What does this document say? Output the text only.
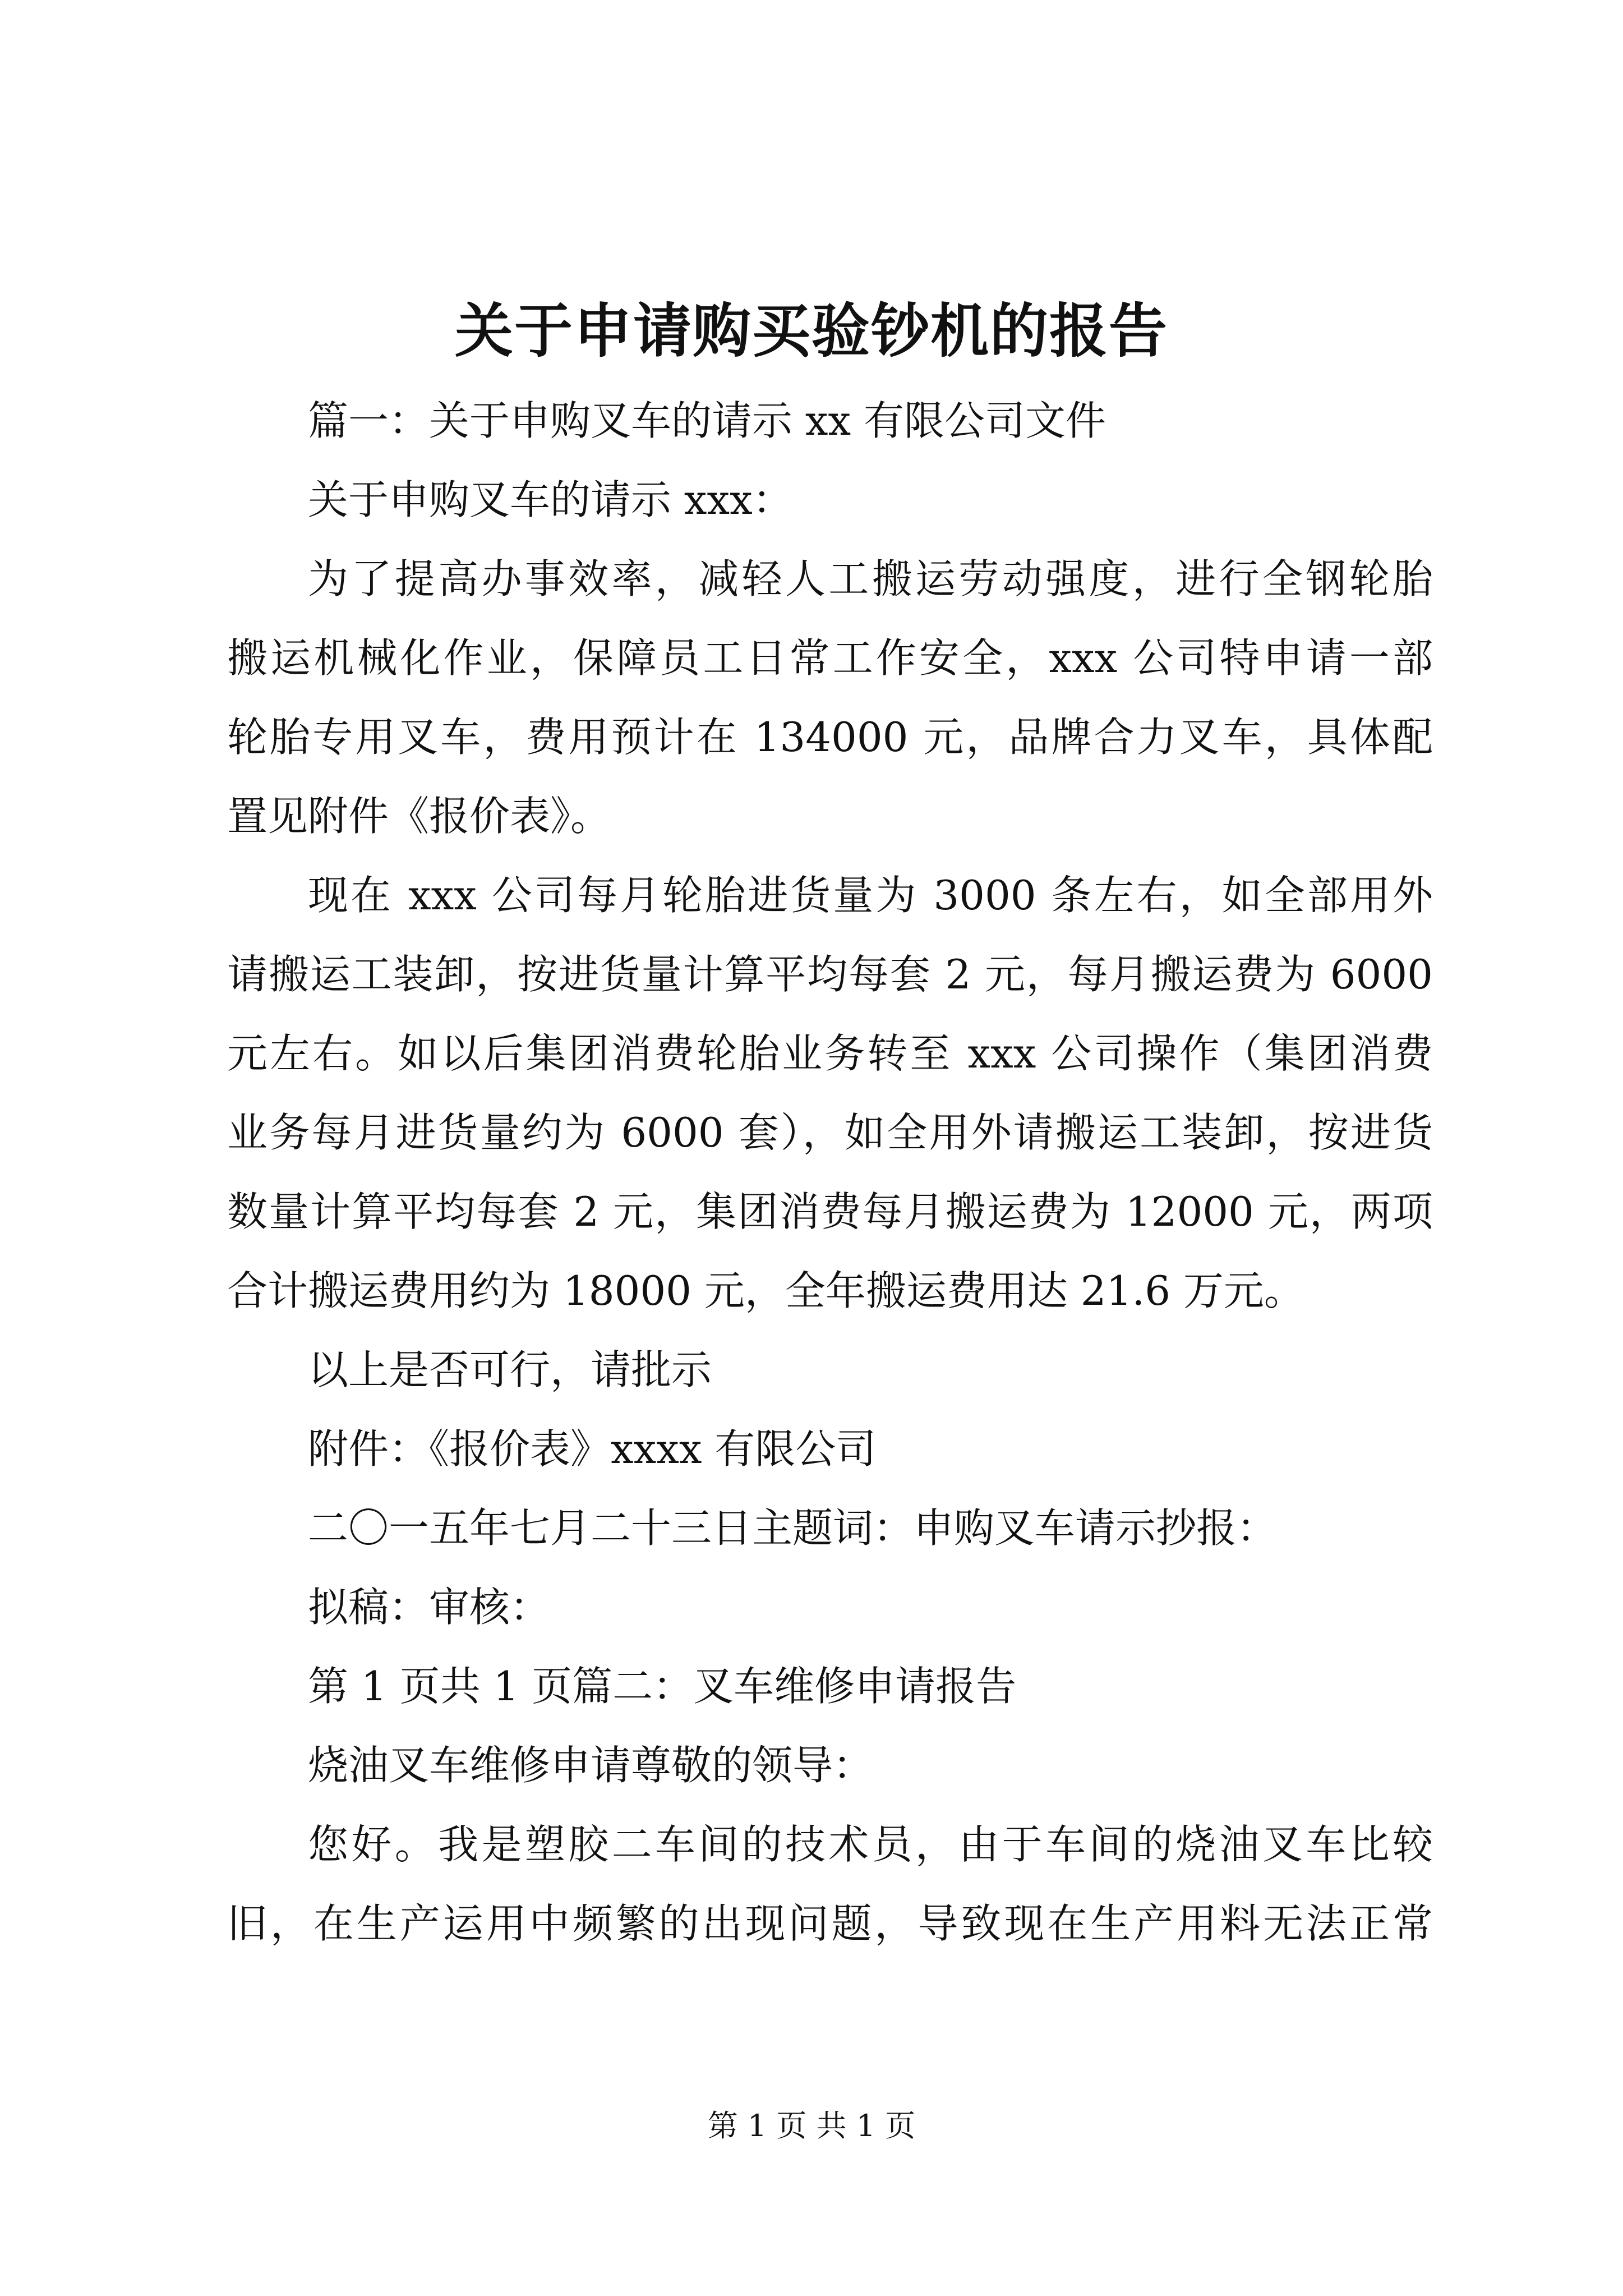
关于申请购买验钞机的报告
篇一：关于申购叉车的请示 xx 有限公司文件
关于申购叉车的请示 xxx：
为了提高办事效率，减轻人工搬运劳动强度，进行全钢轮胎
搬运机械化作业，保障员工日常工作安全，xxx 公司特申请一部
轮胎专用叉车，费用预计在 134000 元，品牌合力叉车，具体配
置见附件《报价表》。
现在 xxx 公司每月轮胎进货量为 3000 条左右，如全部用外
请搬运工装卸，按进货量计算平均每套 2 元，每月搬运费为 6000
元左右。如以后集团消费轮胎业务转至 xxx 公司操作（集团消费
业务每月进货量约为 6000 套），如全用外请搬运工装卸，按进货
数量计算平均每套 2 元，集团消费每月搬运费为 12000 元，两项
合计搬运费用约为 18000 元，全年搬运费用达 21.6 万元。
以上是否可行，请批示
附件：《报价表》xxxx 有限公司
二〇一五年七月二十三日主题词：申购叉车请示抄报：
拟稿：审核：
第 1 页共 1 页篇二：叉车维修申请报告
烧油叉车维修申请尊敬的领导：
您好。我是塑胶二车间的技术员，由于车间的烧油叉车比较
旧，在生产运用中频繁的出现问题，导致现在生产用料无法正常
第 1 页 共 1 页
